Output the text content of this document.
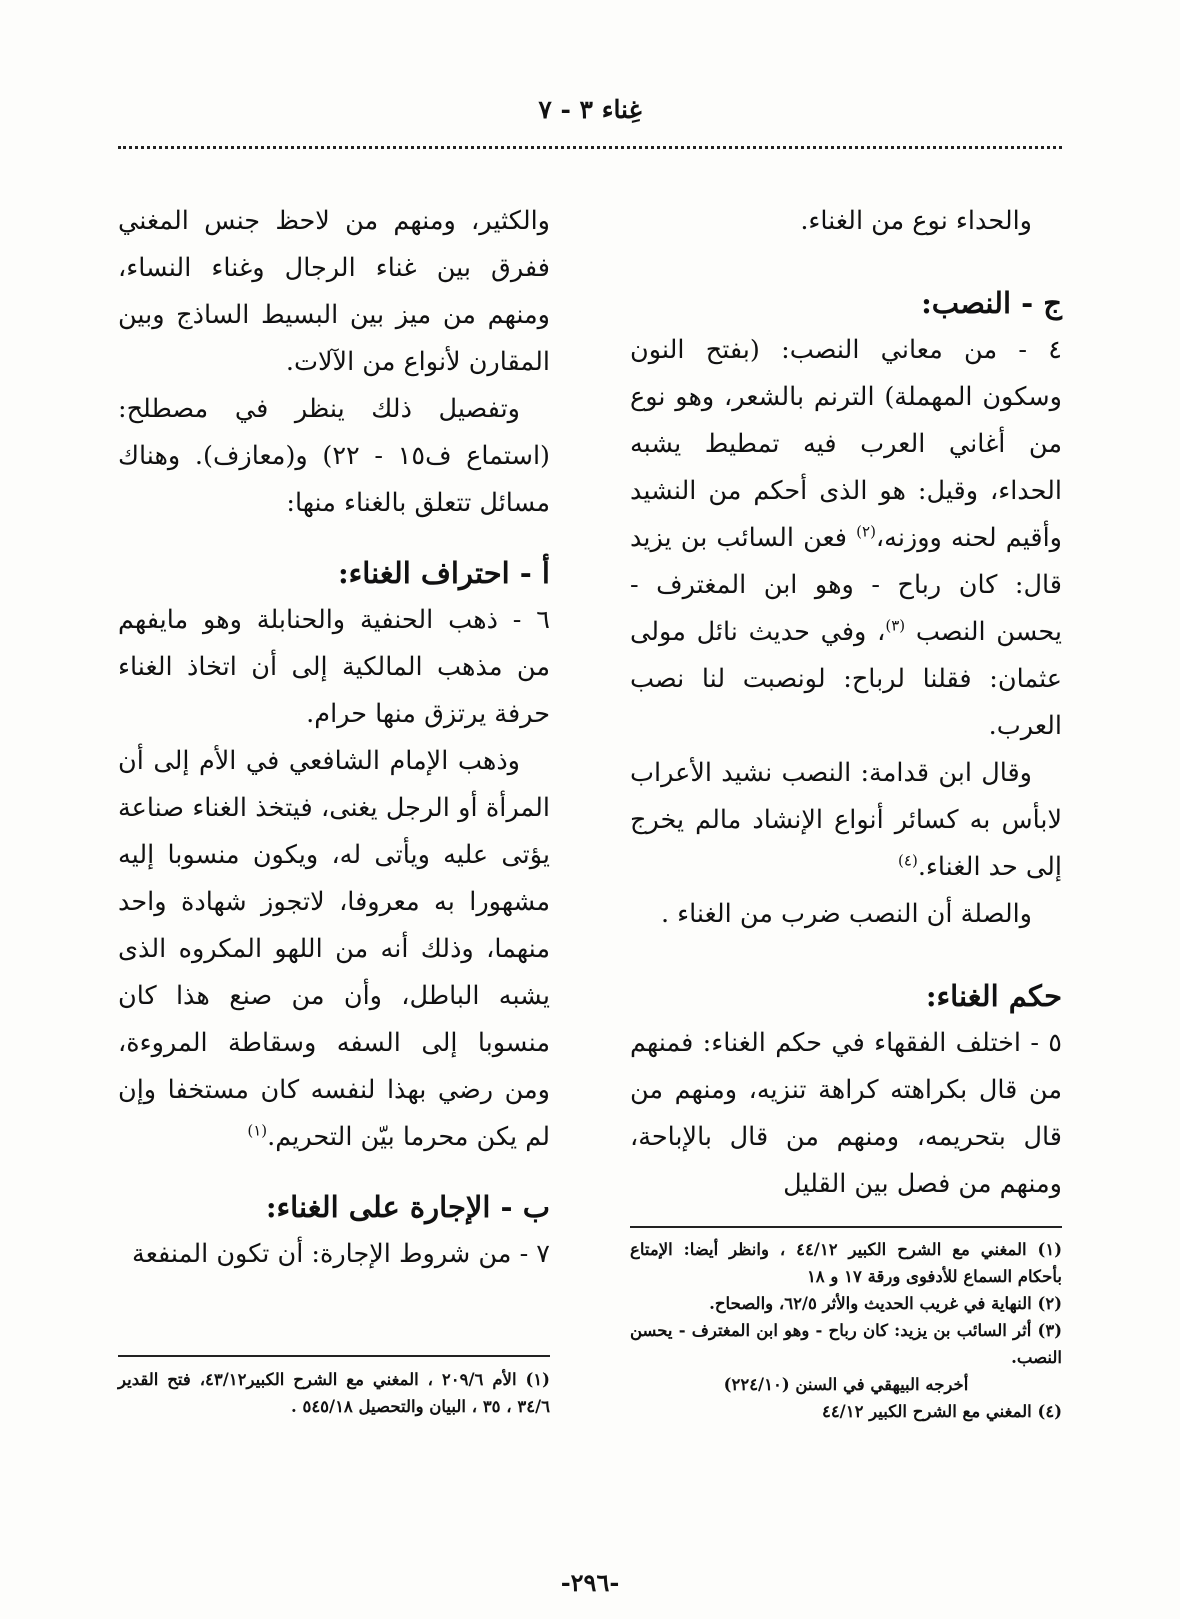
غِناء ٣ - ٧

والحداء نوع من الغناء.

ج - النصب:

٤ - من معاني النصب: (بفتح النون وسكون المهملة) الترنم بالشعر، وهو نوع من أغاني العرب فيه تمطيط يشبه الحداء، وقيل: هو الذى أحكم من النشيد وأقيم لحنه ووزنه،$^{(٢)}$ فعن السائب بن يزيد قال: كان رباح - وهو ابن المغترف - يحسن النصب $^{(٣)}$، وفي حديث نائل مولى عثمان: فقلنا لرباح: لونصبت لنا نصب العرب.

وقال ابن قدامة: النصب نشيد الأعراب لابأس به كسائر أنواع الإنشاد مالم يخرج إلى حد الغناء.$^{(٤)}$

والصلة أن النصب ضرب من الغناء .

حكم الغناء:

٥ - اختلف الفقهاء في حكم الغناء: فمنهم من قال بكراهته كراهة تنزيه، ومنهم من قال بتحريمه، ومنهم من قال بالإباحة، ومنهم من فصل بين القليل

والكثير، ومنهم من لاحظ جنس المغني ففرق بين غناء الرجال وغناء النساء، ومنهم من ميز بين البسيط الساذج وبين المقارن لأنواع من الآلات.

وتفصيل ذلك ينظر في مصطلح: (استماع ف١٥ - ٢٢) و(معازف). وهناك مسائل تتعلق بالغناء منها:

أ - احتراف الغناء:

٦ - ذهب الحنفية والحنابلة وهو مايفهم من مذهب المالكية إلى أن اتخاذ الغناء حرفة يرتزق منها حرام.

وذهب الإمام الشافعي في الأم إلى أن المرأة أو الرجل يغنى، فيتخذ الغناء صناعة يؤتى عليه ويأتى له، ويكون منسوبا إليه مشهورا به معروفا، لاتجوز شهادة واحد منهما، وذلك أنه من اللهو المكروه الذى يشبه الباطل، وأن من صنع هذا كان منسوبا إلى السفه وسقاطة المروءة، ومن رضي بهذا لنفسه كان مستخفا وإن لم يكن محرما بيّن التحريم.$^{(١)}$

ب - الإجارة على الغناء:

٧ - من شروط الإجارة: أن تكون المنفعة	(١) المغني مع الشرح الكبير ٤٤/١٢ ، وانظر أيضا: الإمتاع بأحكام السماع للأدفوى ورقة ١٧ و ١٨

(٢) النهاية في غريب الحديث والأثر ٦٢/٥، والصحاح.

(٣) أثر السائب بن يزيد: كان رباح - وهو ابن المغترف - يحسن النصب.

أخرجه البيهقي في السنن (٢٢٤/١٠)

(٤) المغني مع الشرح الكبير ٤٤/١٢

(١) الأم ٢٠٩/٦ ، المغني مع الشرح الكبير٤٣/١٢، فتح القدير ٣٤/٦ ، ٣٥ ، البيان والتحصيل ٥٤٥/١٨ .

-٢٩٦-
